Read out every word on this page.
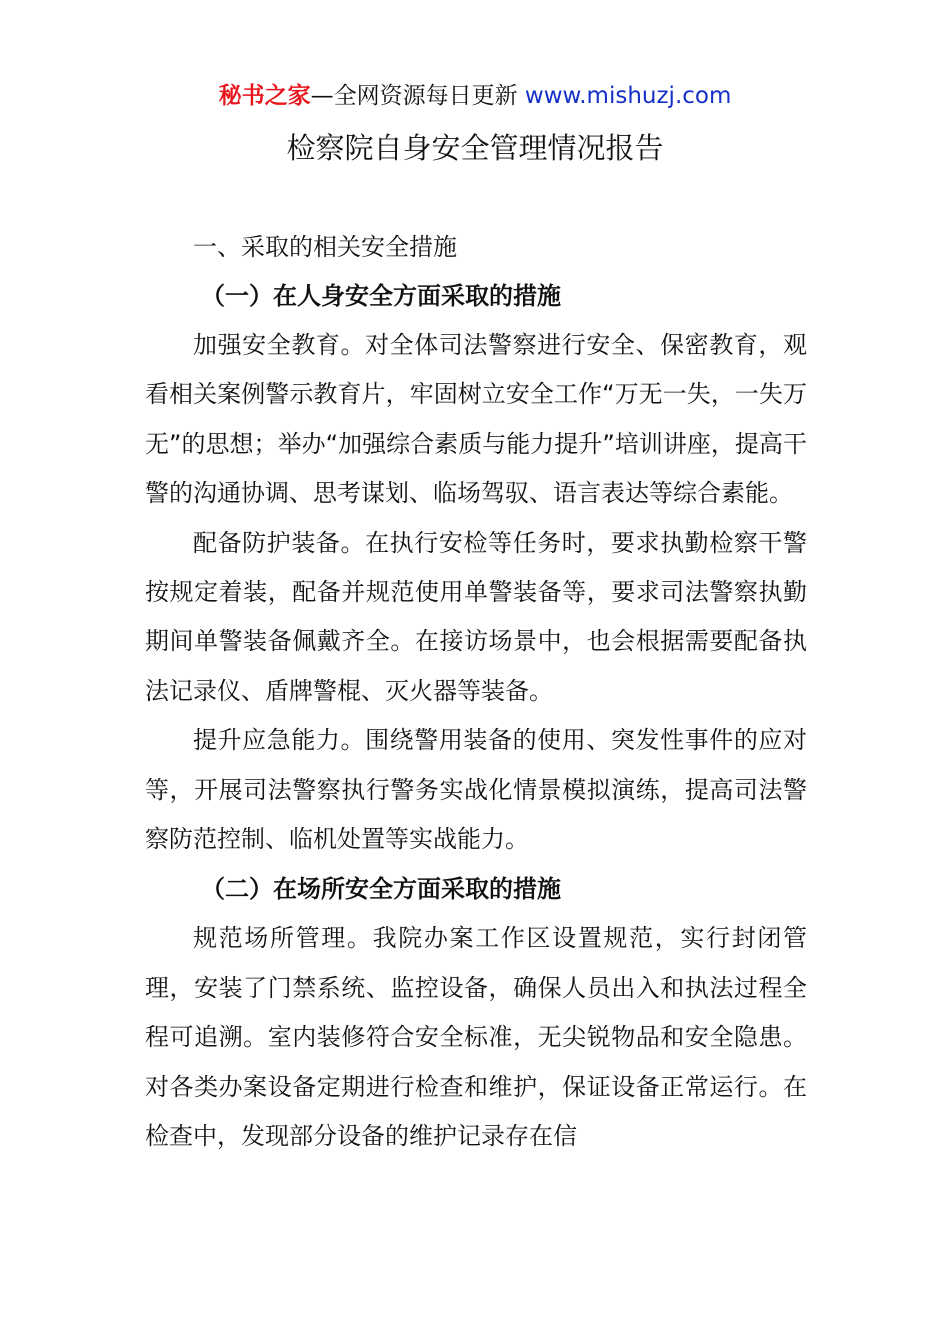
秘书之家—全网资源每日更新 www.mishuzj.com
检察院自身安全管理情况报告

一、采取的相关安全措施

（一）在人身安全方面采取的措施

加强安全教育。对全体司法警察进行安全、保密教育，观看相关案例警示教育片，牢固树立安全工作“万无一失，一失万无”的思想；举办“加强综合素质与能力提升”培训讲座，提高干警的沟通协调、思考谋划、临场驾驭、语言表达等综合素能。

配备防护装备。在执行安检等任务时，要求执勤检察干警按规定着装，配备并规范使用单警装备等，要求司法警察执勤期间单警装备佩戴齐全。在接访场景中，也会根据需要配备执法记录仪、盾牌警棍、灭火器等装备。

提升应急能力。围绕警用装备的使用、突发性事件的应对等，开展司法警察执行警务实战化情景模拟演练，提高司法警察防范控制、临机处置等实战能力。

（二）在场所安全方面采取的措施

规范场所管理。我院办案工作区设置规范，实行封闭管理，安装了门禁系统、监控设备，确保人员出入和执法过程全程可追溯。室内装修符合安全标准，无尖锐物品和安全隐患。对各类办案设备定期进行检查和维护，保证设备正常运行。在检查中，发现部分设备的维护记录存在信
